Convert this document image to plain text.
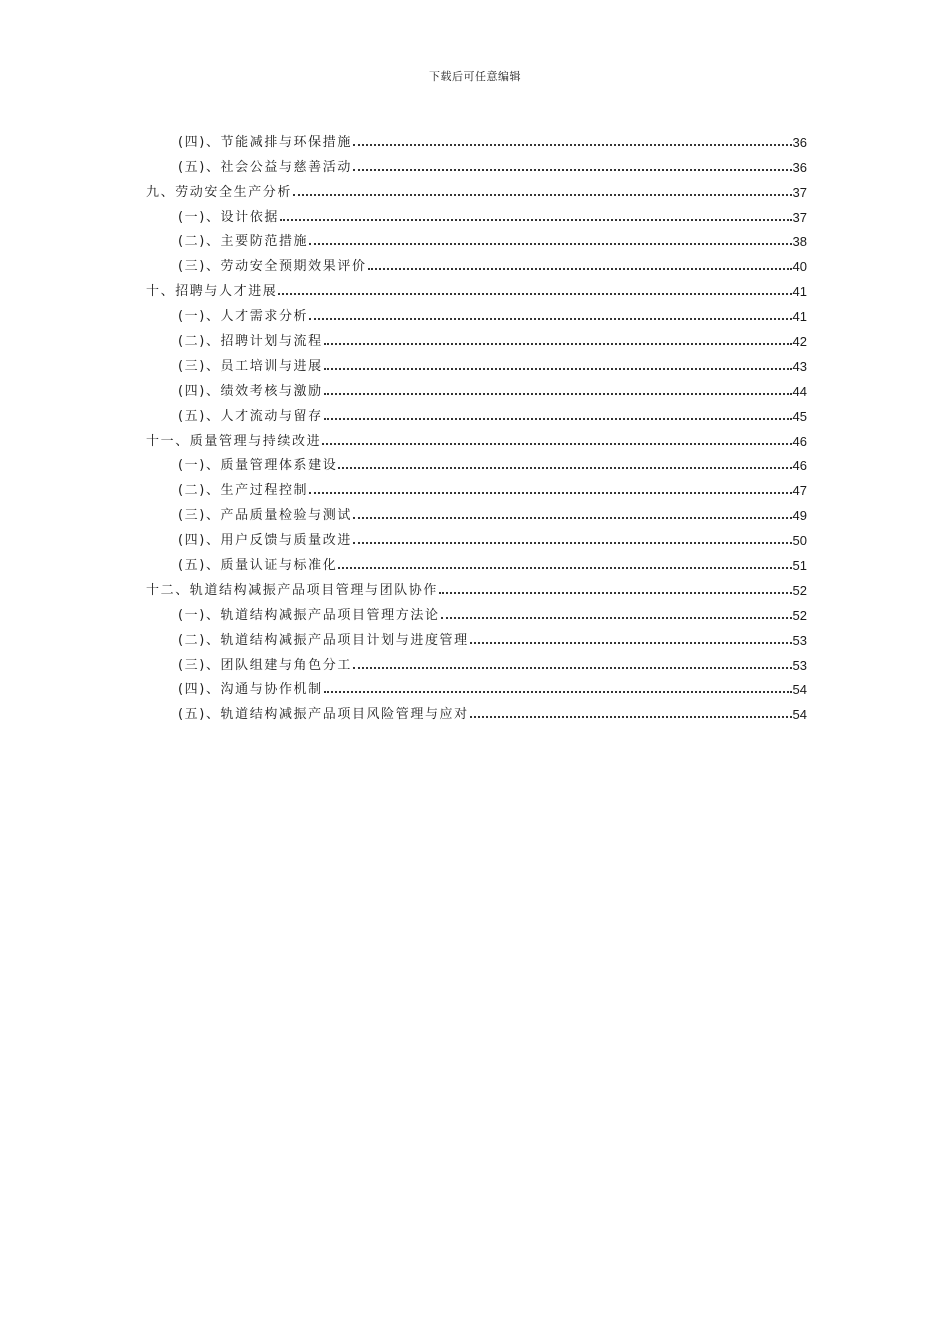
下载后可任意编辑
(四)、节能减排与环保措施	36
(五)、社会公益与慈善活动	36
九、劳动安全生产分析	37
(一)、设计依据	37
(二)、主要防范措施	38
(三)、劳动安全预期效果评价	40
十、招聘与人才进展	41
(一)、人才需求分析	41
(二)、招聘计划与流程	42
(三)、员工培训与进展	43
(四)、绩效考核与激励	44
(五)、人才流动与留存	45
十一、质量管理与持续改进	46
(一)、质量管理体系建设	46
(二)、生产过程控制	47
(三)、产品质量检验与测试	49
(四)、用户反馈与质量改进	50
(五)、质量认证与标准化	51
十二、轨道结构减振产品项目管理与团队协作	52
(一)、轨道结构减振产品项目管理方法论	52
(二)、轨道结构减振产品项目计划与进度管理	53
(三)、团队组建与角色分工	53
(四)、沟通与协作机制	54
(五)、轨道结构减振产品项目风险管理与应对	54
